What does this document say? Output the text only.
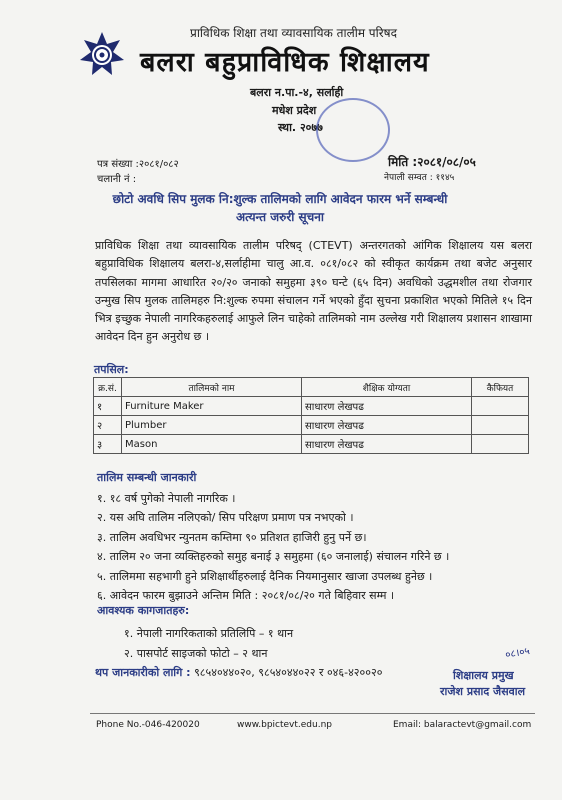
प्राविधिक शिक्षा तथा व्यावसायिक तालीम परिषद
बलरा बहुप्राविधिक शिक्षालय
बलरा न.पा.-४, सर्लाही
मधेश प्रदेश
स्था. २०७७
पत्र संख्या :२०८१/०८२
चलानी नं :
मिति :२०८१/०८/०५
नेपाली सम्वत : ११४५
छोटो अवधि सिप मुलक नि:शुल्क तालिमको लागि आवेदन फारम भर्ने सम्बन्धी
अत्यन्त जरुरी सूचना
प्राविधिक शिक्षा तथा व्यावसायिक तालीम परिषद् (CTEVT) अन्तरगतको आंगिक शिक्षालय यस बलरा बहुप्राविधिक शिक्षालय बलरा-४,सर्लाहीमा चालु आ.व. ०८१/०८२ को स्वीकृत कार्यक्रम तथा बजेट अनुसार तपसिलका मागमा आधारित २०/२० जनाको समुहमा ३९० घन्टे (६५ दिन) अवधिको उद्धमशील तथा रोजगार उन्मुख सिप मुलक तालिमहरु नि:शुल्क रुपमा संचालन गर्ने भएको हुँदा सुचना प्रकाशित भएको मितिले १५ दिन भित्र इच्छुक नेपाली नागरिकहरुलाई आफुले लिन चाहेको तालिमको नाम उल्लेख गरी शिक्षालय प्रशासन शाखामा आवेदन दिन हुन अनुरोध छ ।
तपसिल:
क्र.सं.	तालिमको नाम	शैक्षिक योग्यता	कैफियत
१	Furniture Maker	साधारण लेखपढ	
२	Plumber	साधारण लेखपढ	
३	Mason	साधारण लेखपढ	
तालिम सम्बन्धी जानकारी
१. १८ वर्ष पुगेको नेपाली नागरिक ।
२. यस अघि तालिम नलिएको/ सिप परिक्षण प्रमाण पत्र नभएको ।
३. तालिम अवधिभर न्युनतम कम्तिमा ९० प्रतिशत हाजिरी हुनु पर्ने छ।
४. तालिम २० जना व्यक्तिहरुको समुह बनाई ३ समुहमा (६० जनालाई) संचालन गरिने छ ।
५. तालिममा सहभागी हुने प्रशिक्षार्थीहरुलाई दैनिक नियमानुसार खाजा उपलब्ध हुनेछ ।
६. आवेदन फारम बुझाउने अन्तिम मिति : २०८१/०८/२० गते बिहिवार सम्म ।
आवश्यक कागजातहरु:
१. नेपाली नागरिकताको प्रतिलिपि – १ थान
२. पासपोर्ट साइजको फोटो – २ थान
थप जानकारीको लागि : ९८५४०४४०२०, ९८५४०४४०२२ र ०४६-४२००२०
०८।०५
शिक्षालय प्रमुख
राजेश प्रसाद जैसवाल
Phone No.-046-420020	www.bpictevt.edu.np	Email: balaractevt@gmail.com
